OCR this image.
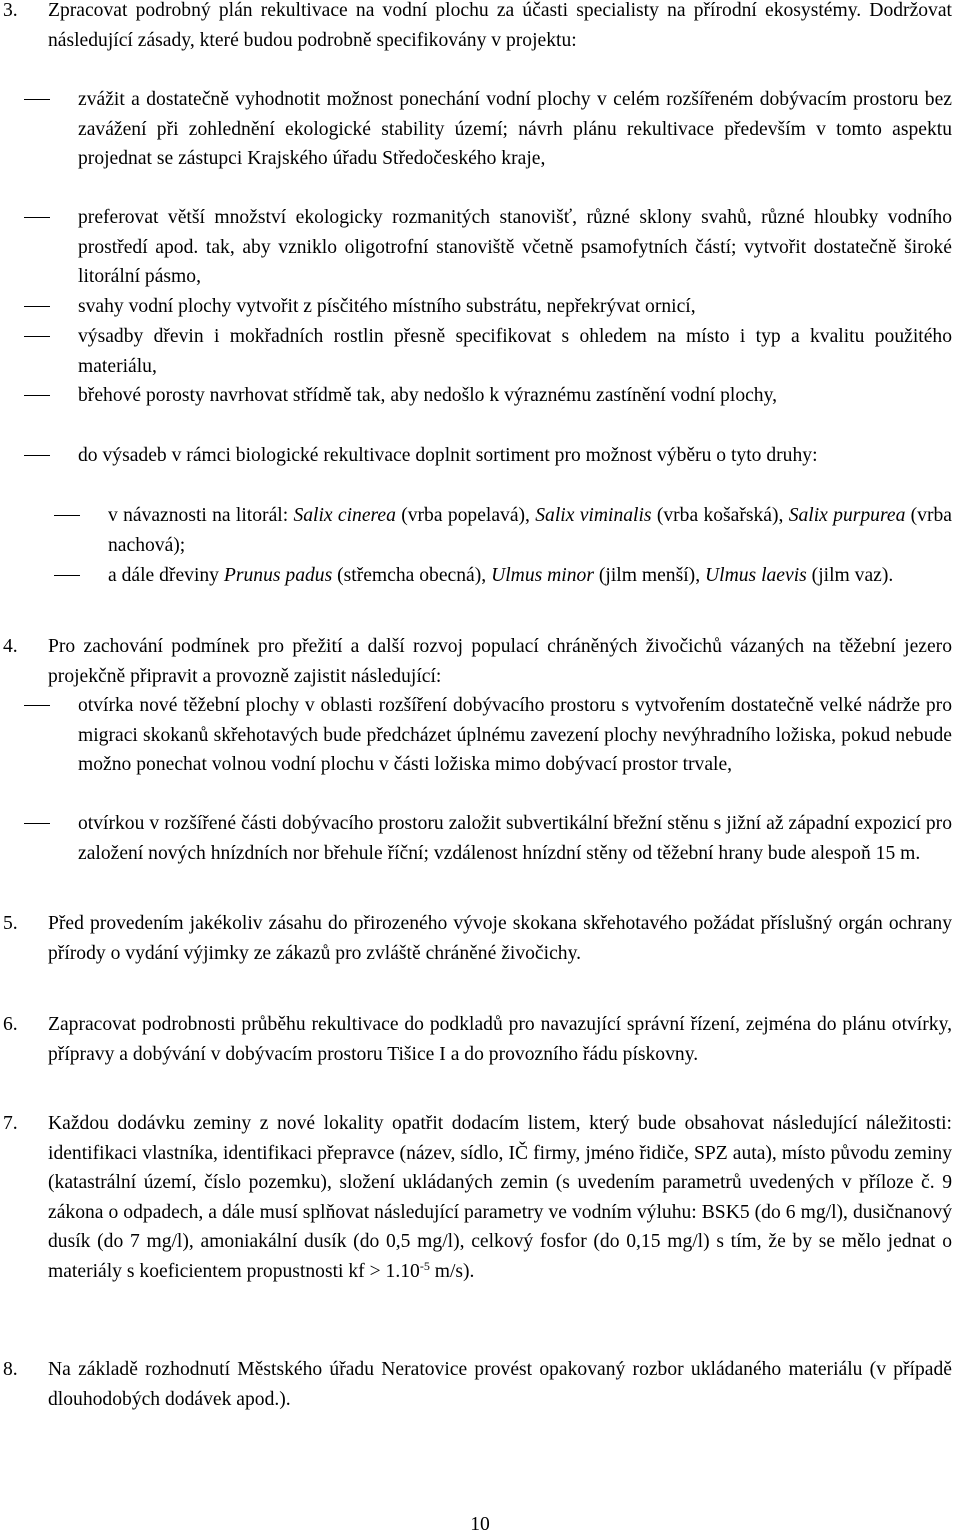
3. Zpracovat podrobný plán rekultivace na vodní plochu za účasti specialisty na přírodní ekosystémy. Dodržovat následující zásady, které budou podrobně specifikovány v projektu:
zvážit a dostatečně vyhodnotit možnost ponechání vodní plochy v celém rozšířeném dobývacím prostoru bez zavážení při zohlednění ekologické stability území; návrh plánu rekultivace především v tomto aspektu projednat se zástupci Krajského úřadu Středočeského kraje,
preferovat větší množství ekologicky rozmanitých stanovišť, různé sklony svahů, různé hloubky vodního prostředí apod. tak, aby vzniklo oligotrofní stanoviště včetně psamofytních částí; vytvořit dostatečně široké litorální pásmo,
svahy vodní plochy vytvořit z písčitého místního substrátu, nepřekrývat ornicí,
výsadby dřevin i mokřadních rostlin přesně specifikovat s ohledem na místo i typ a kvalitu použitého materiálu,
břehové porosty navrhovat střídmě tak, aby nedošlo k výraznému zastínění vodní plochy,
do výsadeb v rámci biologické rekultivace doplnit sortiment pro možnost výběru o tyto druhy:
v návaznosti na litorál: Salix cinerea (vrba popelavá), Salix viminalis (vrba košařská), Salix purpurea (vrba nachová);
a dále dřeviny Prunus padus (střemcha obecná), Ulmus minor (jilm menší), Ulmus laevis (jilm vaz).
4. Pro zachování podmínek pro přežití a další rozvoj populací chráněných živočichů vázaných na těžební jezero projekčně připravit a provozně zajistit následující:
otvírka nové těžební plochy v oblasti rozšíření dobývacího prostoru s vytvořením dostatečně velké nádrže pro migraci skokanů skřehotavých bude předcházet úplnému zavezení plochy nevýhradního ložiska, pokud nebude možno ponechat volnou vodní plochu v části ložiska mimo dobývací prostor trvale,
otvírkou v rozšířené části dobývacího prostoru založit subvertikální břežní stěnu s jižní až západní expozicí pro založení nových hnízdních nor břehule říční; vzdálenost hnízdní stěny od těžební hrany bude alespoň 15 m.
5. Před provedením jakékoliv zásahu do přirozeného vývoje skokana skřehotavého požádat příslušný orgán ochrany přírody o vydání výjimky ze zákazů pro zvláště chráněné živočichy.
6. Zapracovat podrobnosti průběhu rekultivace do podkladů pro navazující správní řízení, zejména do plánu otvírky, přípravy a dobývání v dobývacím prostoru Tišice I a do provozního řádu pískovny.
7. Každou dodávku zeminy z nové lokality opatřit dodacím listem, který bude obsahovat následující náležitosti: identifikaci vlastníka, identifikaci přepravce (název, sídlo, IČ firmy, jméno řidiče, SPZ auta), místo původu zeminy (katastrální území, číslo pozemku), složení ukládaných zemin (s uvedením parametrů uvedených v příloze č. 9 zákona o odpadech, a dále musí splňovat následující parametry ve vodním výluhu: BSK5 (do 6 mg/l), dusičnanový dusík (do 7 mg/l), amoniakální dusík (do 0,5 mg/l), celkový fosfor (do 0,15 mg/l) s tím, že by se mělo jednat o materiály s koeficientem propustnosti kf > $1.10^{-5}$ m/s).
8. Na základě rozhodnutí Městského úřadu Neratovice provést opakovaný rozbor ukládaného materiálu (v případě dlouhodobých dodávek apod.).
10
